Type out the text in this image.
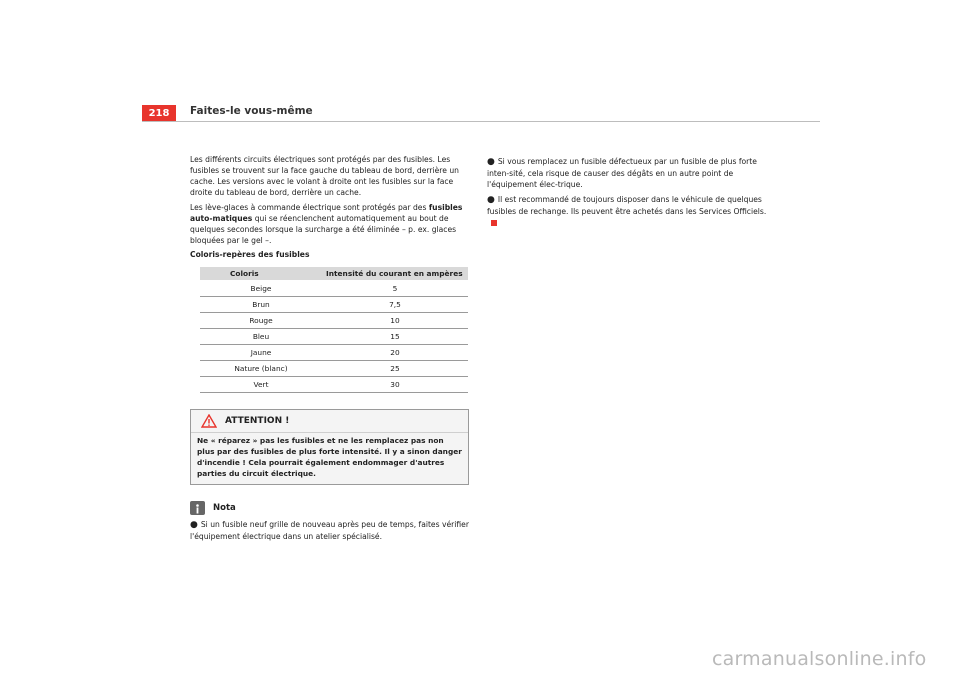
218	Faites-le vous-même

Les différents circuits électriques sont protégés par des fusibles. Les fusibles se trouvent sur la face gauche du tableau de bord, derrière un cache. Les versions avec le volant à droite ont les fusibles sur la face droite du tableau de bord, derrière un cache.

Les lève-glaces à commande électrique sont protégés par des fusibles auto-matiques qui se réenclenchent automatiquement au bout de quelques secondes lorsque la surcharge a été éliminée – p. ex. glaces bloquées par le gel –.

Coloris-repères des fusibles
Coloris	Intensité du courant en ampères
Beige	5
Brun	7,5
Rouge	10
Bleu	15
Jaune	20
Nature (blanc)	25
Vert	30
ATTENTION !
Ne « réparez » pas les fusibles et ne les remplacez pas non plus par des fusibles de plus forte intensité. Il y a sinon danger d'incendie ! Cela pourrait également endommager d'autres parties du circuit électrique.
Nota
● Si un fusible neuf grille de nouveau après peu de temps, faites vérifier l'équipement électrique dans un atelier spécialisé.
● Si vous remplacez un fusible défectueux par un fusible de plus forte inten-sité, cela risque de causer des dégâts en un autre point de l'équipement élec-trique.
● Il est recommandé de toujours disposer dans le véhicule de quelques fusibles de rechange. Ils peuvent être achetés dans les Services Officiels.
carmanualsonline.info
